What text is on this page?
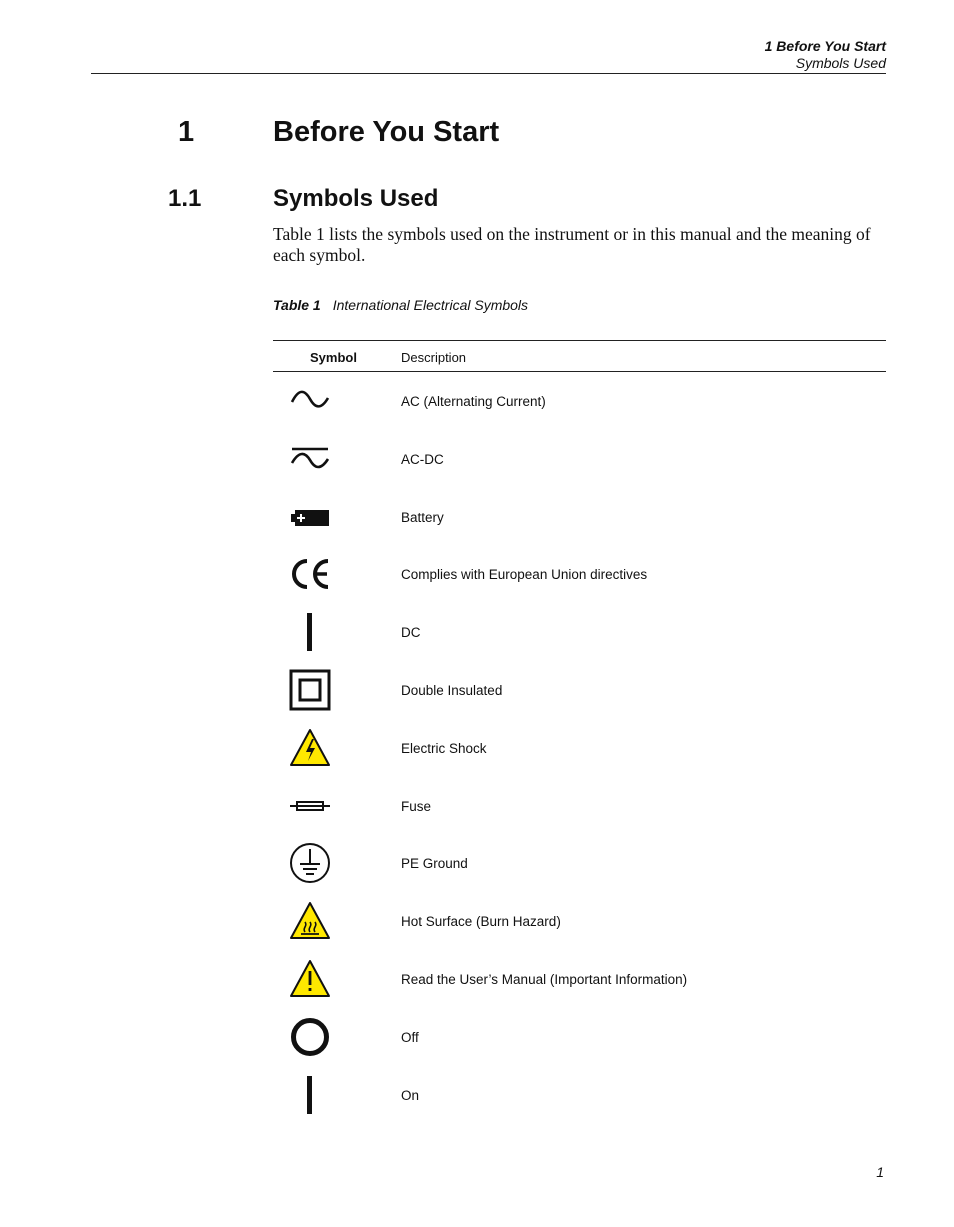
1 Before You Start
Symbols Used
1	Before You Start
1.1	Symbols Used

Table 1 lists the symbols used on the instrument or in this manual and the meaning of each symbol.

Table 1 International Electrical Symbols
Symbol	Description
AC (Alternating Current)
AC-DC
Battery
Complies with European Union directives
DC
Double Insulated
Electric Shock
Fuse
PE Ground
Hot Surface (Burn Hazard)
Read the User’s Manual (Important Information)
Off
On
1
